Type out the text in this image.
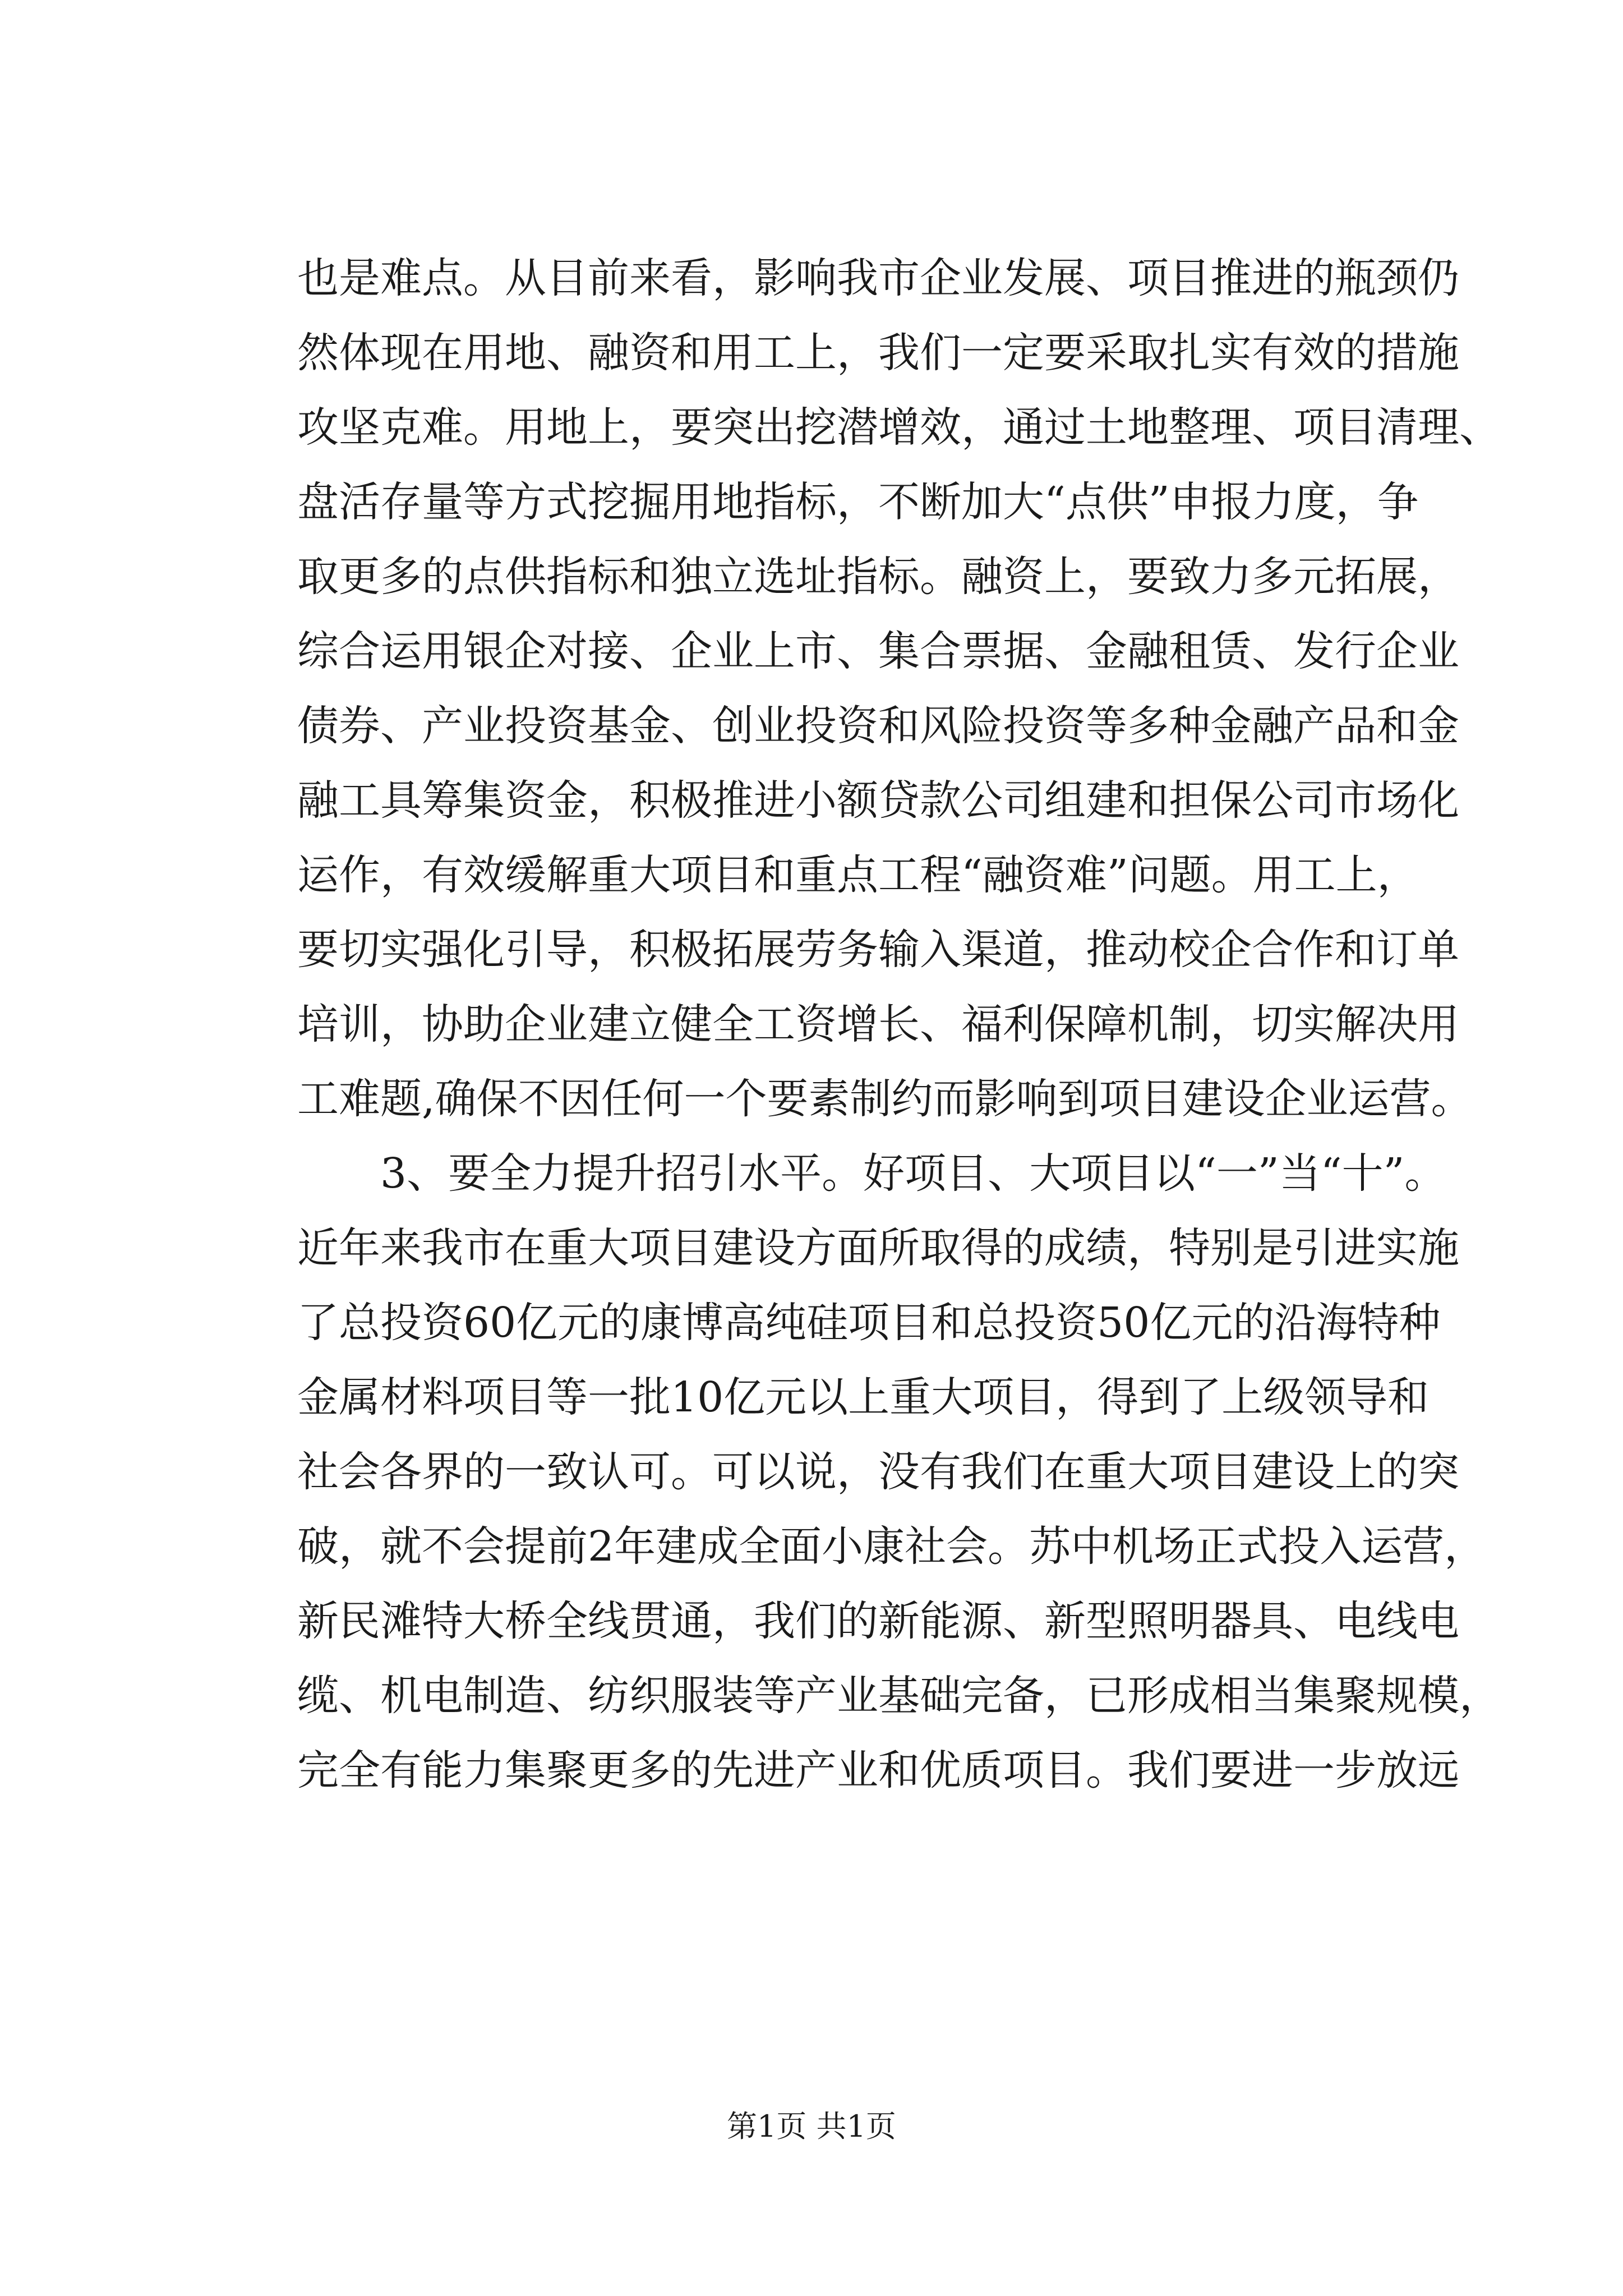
也是难点。从目前来看，影响我市企业发展、项目推进的瓶颈仍
然体现在用地、融资和用工上，我们一定要采取扎实有效的措施
攻坚克难。用地上，要突出挖潜增效，通过土地整理、项目清理、
盘活存量等方式挖掘用地指标，不断加大“点供”申报力度，争
取更多的点供指标和独立选址指标。融资上，要致力多元拓展，
综合运用银企对接、企业上市、集合票据、金融租赁、发行企业
债券、产业投资基金、创业投资和风险投资等多种金融产品和金
融工具筹集资金，积极推进小额贷款公司组建和担保公司市场化
运作，有效缓解重大项目和重点工程“融资难”问题。用工上，
要切实强化引导，积极拓展劳务输入渠道，推动校企合作和订单
培训，协助企业建立健全工资增长、福利保障机制，切实解决用
工难题,确保不因任何一个要素制约而影响到项目建设企业运营。
3、要全力提升招引水平。好项目、大项目以“一”当“十”。
近年来我市在重大项目建设方面所取得的成绩，特别是引进实施
了总投资60亿元的康博高纯硅项目和总投资50亿元的沿海特种
金属材料项目等一批10亿元以上重大项目，得到了上级领导和
社会各界的一致认可。可以说，没有我们在重大项目建设上的突
破，就不会提前2年建成全面小康社会。苏中机场正式投入运营，
新民滩特大桥全线贯通，我们的新能源、新型照明器具、电线电
缆、机电制造、纺织服装等产业基础完备，已形成相当集聚规模，
完全有能力集聚更多的先进产业和优质项目。我们要进一步放远
第1页 共1页
